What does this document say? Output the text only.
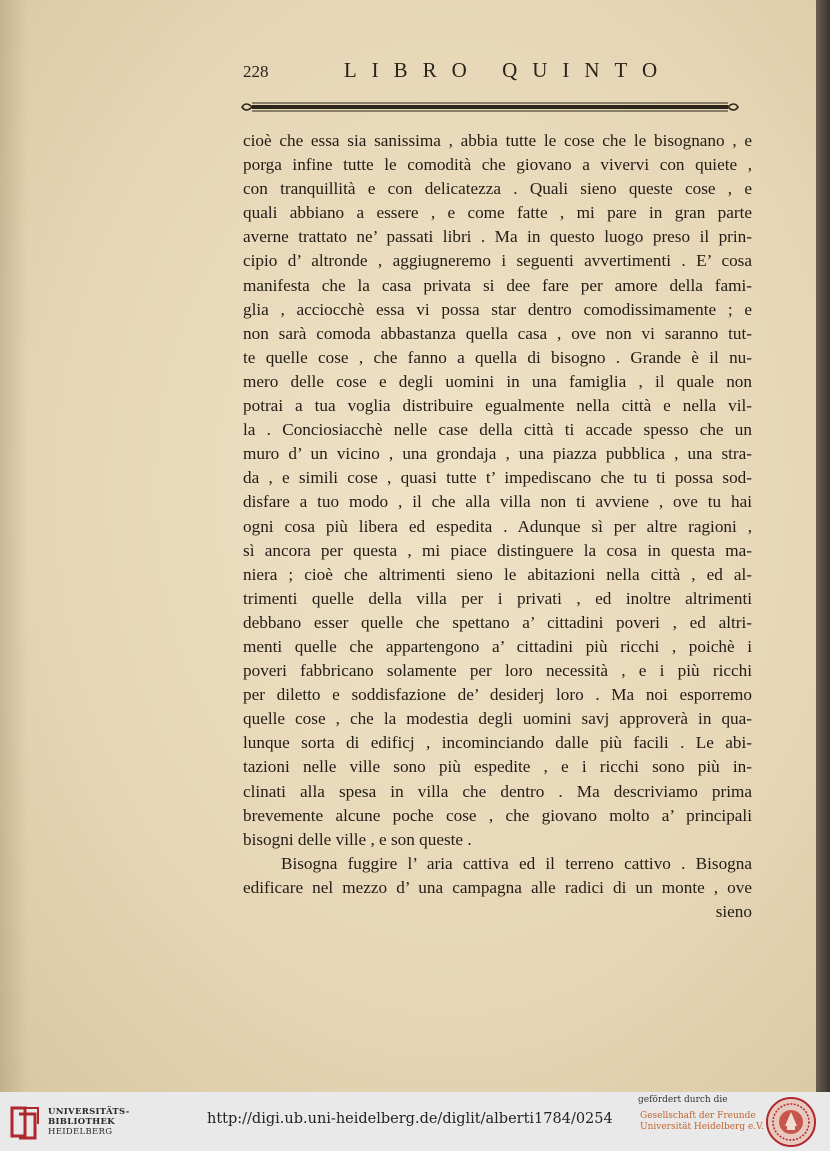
228	LIBRO QUINTO
cioè che essa sia sanissima , abbia tutte le cose che le bisognano , e
porga infine tutte le comodità che giovano a vivervi con quiete ,
con tranquillità e con delicatezza . Quali sieno queste cose , e
quali abbiano a essere , e come fatte , mi pare in gran parte
averne trattato ne’ passati libri . Ma in questo luogo preso il prin-
cipio d’ altronde , aggiugneremo i seguenti avvertimenti . E’ cosa
manifesta che la casa privata si dee fare per amore della fami-
glia , acciocchè essa vi possa star dentro comodissimamente ; e
non sarà comoda abbastanza quella casa , ove non vi saranno tut-
te quelle cose , che fanno a quella di bisogno . Grande è il nu-
mero delle cose e degli uomini in una famiglia , il quale non
potrai a tua voglia distribuire egualmente nella città e nella vil-
la . Conciosiacchè nelle case della città ti accade spesso che un
muro d’ un vicino , una grondaja , una piazza pubblica , una stra-
da , e simili cose , quasi tutte t’ impediscano che tu ti possa sod-
disfare a tuo modo , il che alla villa non ti avviene , ove tu hai
ogni cosa più libera ed espedita . Adunque sì per altre ragioni ,
sì ancora per questa , mi piace distinguere la cosa in questa ma-
niera ; cioè che altrimenti sieno le abitazioni nella città , ed al-
trimenti quelle della villa per i privati , ed inoltre altrimenti
debbano esser quelle che spettano a’ cittadini poveri , ed altri-
menti quelle che appartengono a’ cittadini più ricchi , poichè i
poveri fabbricano solamente per loro necessità , e i più ricchi
per diletto e soddisfazione de’ desiderj loro . Ma noi esporremo
quelle cose , che la modestia degli uomini savj approverà in qua-
lunque sorta di edificj , incominciando dalle più facili . Le abi-
tazioni nelle ville sono più espedite , e i ricchi sono più in-
clinati alla spesa in villa che dentro . Ma descriviamo prima
brevemente alcune poche cose , che giovano molto a’ principali
bisogni delle ville , e son queste .
Bisogna fuggire l’ aria cattiva ed il terreno cattivo . Bisogna
edificare nel mezzo d’ una campagna alle radici di un monte , ove
sieno
UNIVERSITÄTS-
BIBLIOTHEK
HEIDELBERG
http://digi.ub.uni-heidelberg.de/diglit/alberti1784/0254
gefördert durch die
Gesellschaft der Freunde
Universität Heidelberg e.V.
